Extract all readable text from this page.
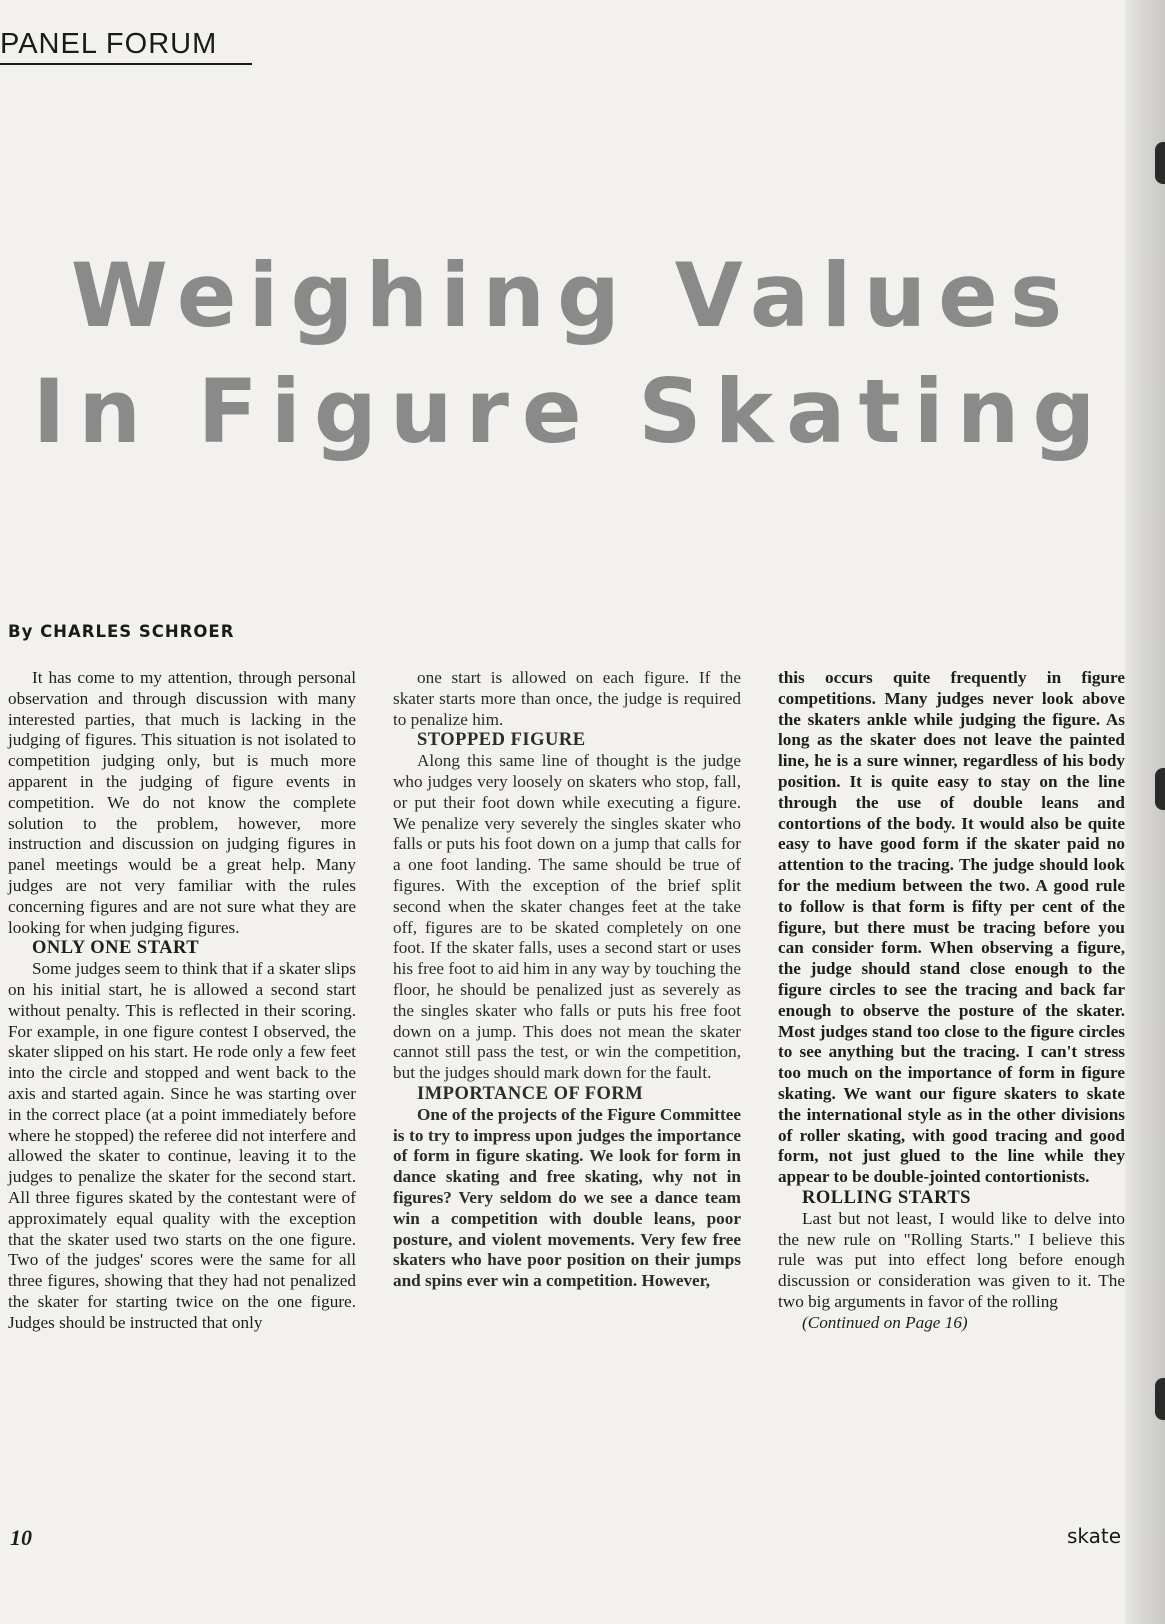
PANEL FORUM
Weighing Values
In Figure Skating
By CHARLES SCHROER

It has come to my attention, through personal observation and through discussion with many interested parties, that much is lacking in the judging of figures. This situation is not isolated to competition judging only, but is much more apparent in the judging of figure events in competition. We do not know the complete solution to the problem, however, more instruction and discussion on judging figures in panel meetings would be a great help. Many judges are not very familiar with the rules concerning figures and are not sure what they are looking for when judging figures.

ONLY ONE START

Some judges seem to think that if a skater slips on his initial start, he is allowed a second start without penalty. This is reflected in their scoring. For example, in one figure contest I observed, the skater slipped on his start. He rode only a few feet into the circle and stopped and went back to the axis and started again. Since he was starting over in the correct place (at a point immediately before where he stopped) the referee did not interfere and allowed the skater to continue, leaving it to the judges to penalize the skater for the second start. All three figures skated by the contestant were of approximately equal quality with the exception that the skater used two starts on the one figure. Two of the judges' scores were the same for all three figures, showing that they had not penalized the skater for starting twice on the one figure. Judges should be instructed that only

one start is allowed on each figure. If the skater starts more than once, the judge is required to penalize him.

STOPPED FIGURE

Along this same line of thought is the judge who judges very loosely on skaters who stop, fall, or put their foot down while executing a figure. We penalize very severely the singles skater who falls or puts his foot down on a jump that calls for a one foot landing. The same should be true of figures. With the exception of the brief split second when the skater changes feet at the take off, figures are to be skated completely on one foot. If the skater falls, uses a second start or uses his free foot to aid him in any way by touching the floor, he should be penalized just as severely as the singles skater who falls or puts his free foot down on a jump. This does not mean the skater cannot still pass the test, or win the competition, but the judges should mark down for the fault.

IMPORTANCE OF FORM

One of the projects of the Figure Committee is to try to impress upon judges the importance of form in figure skating. We look for form in dance skating and free skating, why not in figures? Very seldom do we see a dance team win a competition with double leans, poor posture, and violent movements. Very few free skaters who have poor position on their jumps and spins ever win a competition. However,

this occurs quite frequently in figure competitions. Many judges never look above the skaters ankle while judging the figure. As long as the skater does not leave the painted line, he is a sure winner, regardless of his body position. It is quite easy to stay on the line through the use of double leans and contortions of the body. It would also be quite easy to have good form if the skater paid no attention to the tracing. The judge should look for the medium between the two. A good rule to follow is that form is fifty per cent of the figure, but there must be tracing before you can consider form. When observing a figure, the judge should stand close enough to the figure circles to see the tracing and back far enough to observe the posture of the skater. Most judges stand too close to the figure circles to see anything but the tracing. I can't stress too much on the importance of form in figure skating. We want our figure skaters to skate the international style as in the other divisions of roller skating, with good tracing and good form, not just glued to the line while they appear to be double-jointed contortionists.

ROLLING STARTS

Last but not least, I would like to delve into the new rule on "Rolling Starts." I believe this rule was put into effect long before enough discussion or consideration was given to it. The two big arguments in favor of the rolling

(Continued on Page 16)

10	skate
